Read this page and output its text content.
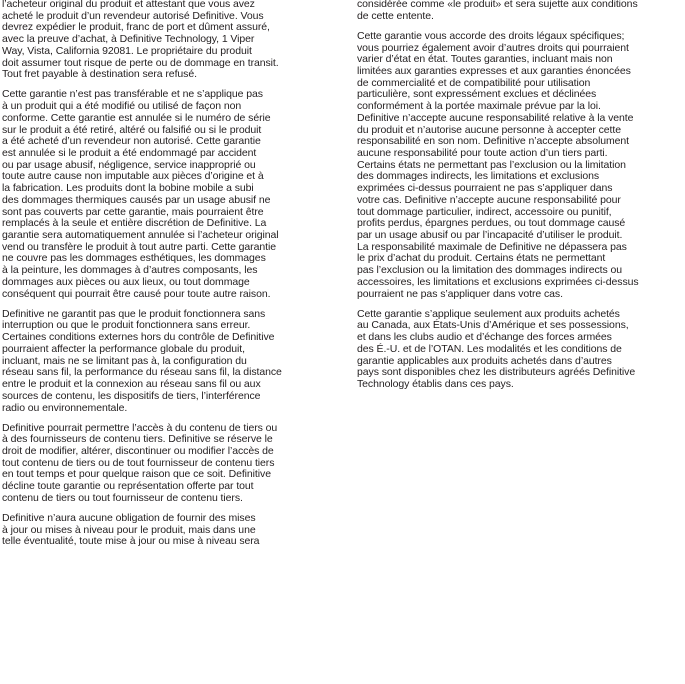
l’acheteur original du produit et attestant que vous avez
acheté le produit d’un revendeur autorisé Definitive. Vous
devrez expédier le produit, franc de port et dûment assuré,
avec la preuve d’achat, à Definitive Technology, 1 Viper
Way, Vista, California 92081. Le propriétaire du produit
doit assumer tout risque de perte ou de dommage en transit.
Tout fret payable à destination sera refusé.

Cette garantie n’est pas transférable et ne s’applique pas
à un produit qui a été modifié ou utilisé de façon non
conforme. Cette garantie est annulée si le numéro de série
sur le produit a été retiré, altéré ou falsifié ou si le produit
a été acheté d’un revendeur non autorisé. Cette garantie
est annulée si le produit a été endommagé par accident
ou par usage abusif, négligence, service inapproprié ou
toute autre cause non imputable aux pièces d’origine et à
la fabrication. Les produits dont la bobine mobile a subi
des dommages thermiques causés par un usage abusif ne
sont pas couverts par cette garantie, mais pourraient être
remplacés à la seule et entière discrétion de Definitive. La
garantie sera automatiquement annulée si l’acheteur original
vend ou transfère le produit à tout autre parti. Cette garantie
ne couvre pas les dommages esthétiques, les dommages
à la peinture, les dommages à d’autres composants, les
dommages aux pièces ou aux lieux, ou tout dommage
conséquent qui pourrait être causé pour toute autre raison.

Definitive ne garantit pas que le produit fonctionnera sans
interruption ou que le produit fonctionnera sans erreur.
Certaines conditions externes hors du contrôle de Definitive
pourraient affecter la performance globale du produit,
incluant, mais ne se limitant pas à, la configuration du
réseau sans fil, la performance du réseau sans fil, la distance
entre le produit et la connexion au réseau sans fil ou aux
sources de contenu, les dispositifs de tiers, l’interférence
radio ou environnementale.

Definitive pourrait permettre l’accès à du contenu de tiers ou
à des fournisseurs de contenu tiers. Definitive se réserve le
droit de modifier, altérer, discontinuer ou modifier l’accès de
tout contenu de tiers ou de tout fournisseur de contenu tiers
en tout temps et pour quelque raison que ce soit. Definitive
décline toute garantie ou représentation offerte par tout
contenu de tiers ou tout fournisseur de contenu tiers.

Definitive n’aura aucune obligation de fournir des mises
à jour ou mises à niveau pour le produit, mais dans une
telle éventualité, toute mise à jour ou mise à niveau sera

considérée comme «le produit» et sera sujette aux conditions
de cette entente.

Cette garantie vous accorde des droits légaux spécifiques;
vous pourriez également avoir d’autres droits qui pourraient
varier d’état en état. Toutes garanties, incluant mais non
limitées aux garanties expresses et aux garanties énoncées
de commercialité et de compatibilité pour utilisation
particulière, sont expressément exclues et déclinées
conformément à la portée maximale prévue par la loi.
Definitive n’accepte aucune responsabilité relative à la vente
du produit et n’autorise aucune personne à accepter cette
responsabilité en son nom. Definitive n’accepte absolument
aucune responsabilité pour toute action d’un tiers parti.
Certains états ne permettant pas l’exclusion ou la limitation
des dommages indirects, les limitations et exclusions
exprimées ci-dessus pourraient ne pas s’appliquer dans
votre cas. Definitive n’accepte aucune responsabilité pour
tout dommage particulier, indirect, accessoire ou punitif,
profits perdus, épargnes perdues, ou tout dommage causé
par un usage abusif ou par l’incapacité d’utiliser le produit.
La responsabilité maximale de Definitive ne dépassera pas
le prix d’achat du produit. Certains états ne permettant
pas l’exclusion ou la limitation des dommages indirects ou
accessoires, les limitations et exclusions exprimées ci-dessus
pourraient ne pas s’appliquer dans votre cas.

Cette garantie s’applique seulement aux produits achetés
au Canada, aux États-Unis d’Amérique et ses possessions,
et dans les clubs audio et d’échange des forces armées
des É.-U. et de l’OTAN. Les modalités et les conditions de
garantie applicables aux produits achetés dans d’autres
pays sont disponibles chez les distributeurs agréés Definitive
Technology établis dans ces pays.
